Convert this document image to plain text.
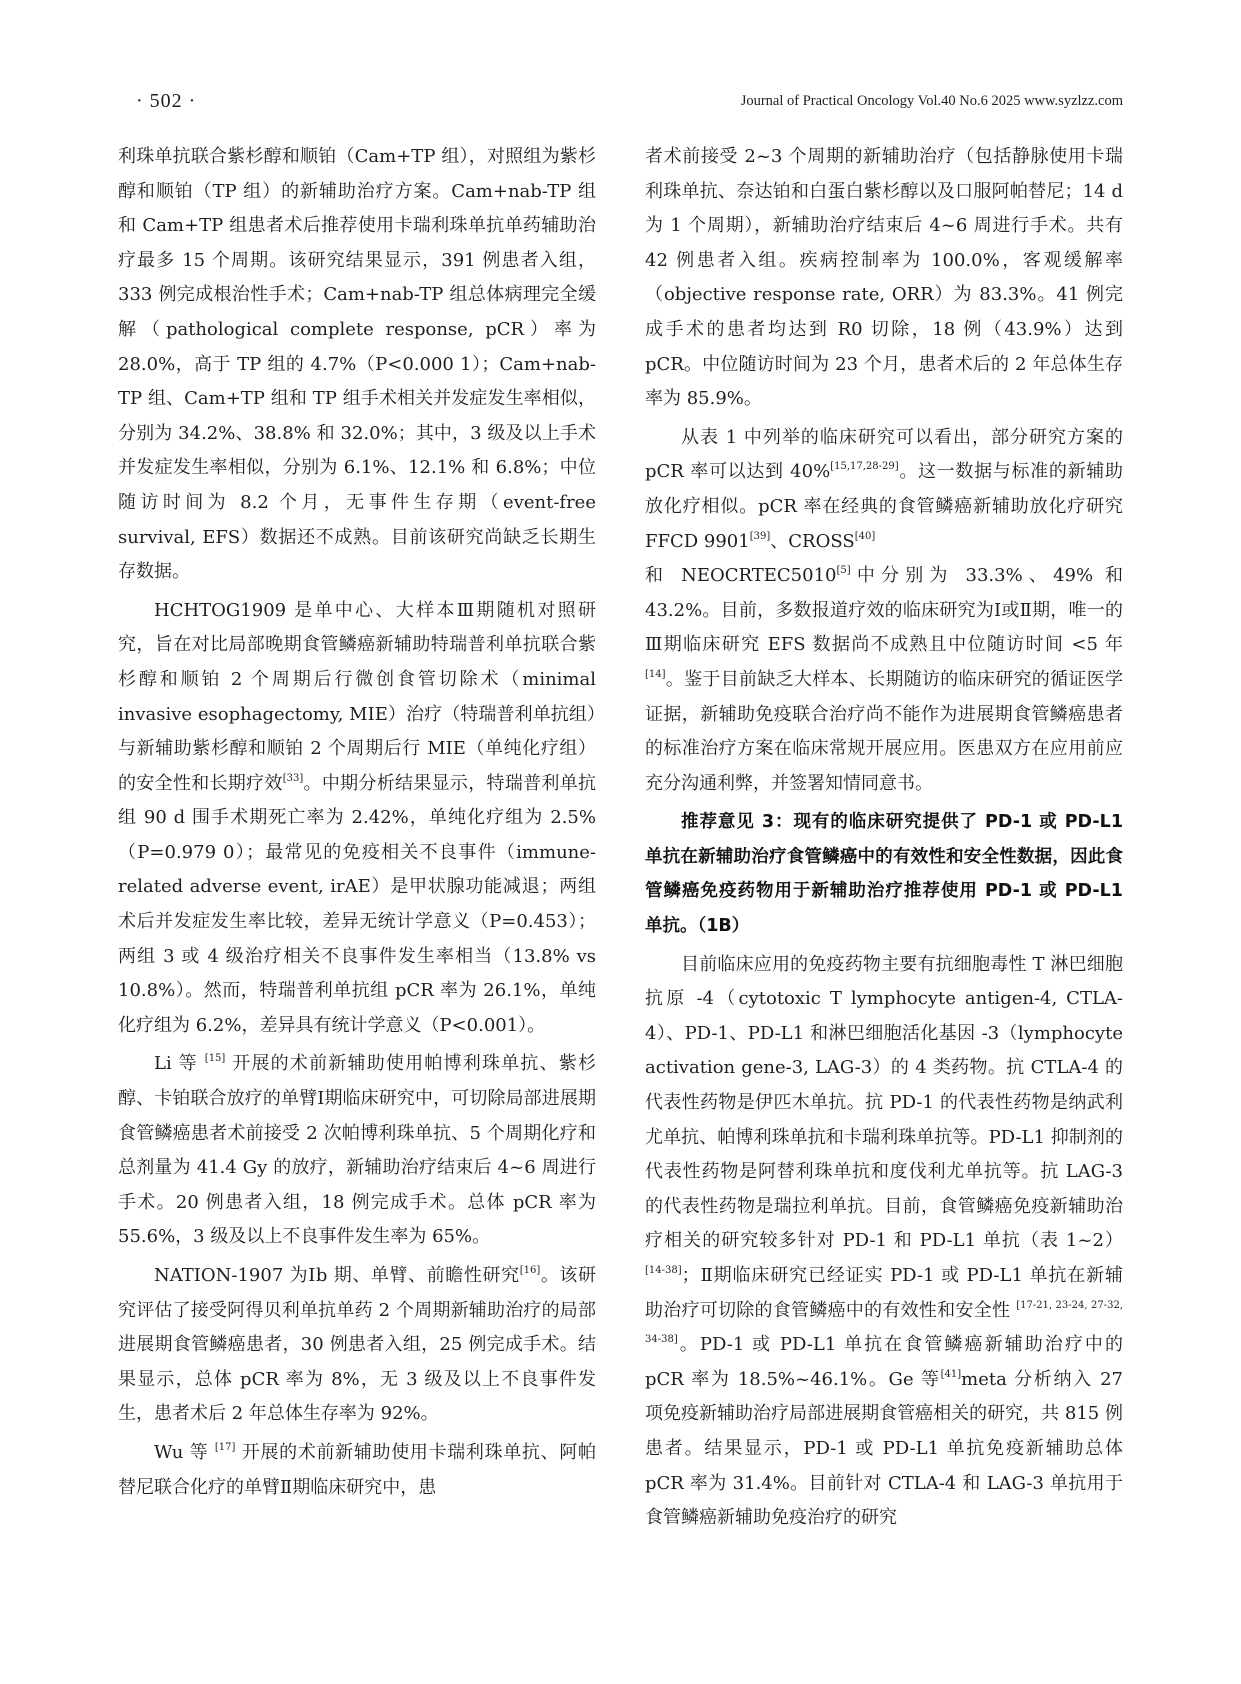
· 502 ·	Journal of Practical Oncology Vol.40 No.6 2025 www.syzlzz.com

利珠单抗联合紫杉醇和顺铂（Cam+TP 组），对照组为紫杉醇和顺铂（TP 组）的新辅助治疗方案。Cam+nab-TP 组和 Cam+TP 组患者术后推荐使用卡瑞利珠单抗单药辅助治疗最多 15 个周期。该研究结果显示，391 例患者入组，333 例完成根治性手术；Cam+nab-TP 组总体病理完全缓解（pathological complete response, pCR）率为 28.0%，高于 TP 组的 4.7%（P<0.000 1）；Cam+nab-TP 组、Cam+TP 组和 TP 组手术相关并发症发生率相似，分别为 34.2%、38.8% 和 32.0%；其中，3 级及以上手术并发症发生率相似，分别为 6.1%、12.1% 和 6.8%；中位随访时间为 8.2 个月，无事件生存期（event-free survival, EFS）数据还不成熟。目前该研究尚缺乏长期生存数据。

HCHTOG1909 是单中心、大样本Ⅲ期随机对照研究，旨在对比局部晚期食管鳞癌新辅助特瑞普利单抗联合紫杉醇和顺铂 2 个周期后行微创食管切除术（minimal invasive esophagectomy, MIE）治疗（特瑞普利单抗组）与新辅助紫杉醇和顺铂 2 个周期后行 MIE（单纯化疗组）的安全性和长期疗效[33]。中期分析结果显示，特瑞普利单抗组 90 d 围手术期死亡率为 2.42%，单纯化疗组为 2.5%（P=0.979 0）；最常见的免疫相关不良事件（immune-related adverse event, irAE）是甲状腺功能减退；两组术后并发症发生率比较，差异无统计学意义（P=0.453）；两组 3 或 4 级治疗相关不良事件发生率相当（13.8% vs 10.8%）。然而，特瑞普利单抗组 pCR 率为 26.1%，单纯化疗组为 6.2%，差异具有统计学意义（P<0.001）。

Li 等 [15] 开展的术前新辅助使用帕博利珠单抗、紫杉醇、卡铂联合放疗的单臂Ⅰ期临床研究中，可切除局部进展期食管鳞癌患者术前接受 2 次帕博利珠单抗、5 个周期化疗和总剂量为 41.4 Gy 的放疗，新辅助治疗结束后 4~6 周进行手术。20 例患者入组，18 例完成手术。总体 pCR 率为 55.6%，3 级及以上不良事件发生率为 65%。

NATION-1907 为Ⅰb 期、单臂、前瞻性研究[16]。该研究评估了接受阿得贝利单抗单药 2 个周期新辅助治疗的局部进展期食管鳞癌患者，30 例患者入组，25 例完成手术。结果显示，总体 pCR 率为 8%，无 3 级及以上不良事件发生，患者术后 2 年总体生存率为 92%。

Wu 等 [17] 开展的术前新辅助使用卡瑞利珠单抗、阿帕替尼联合化疗的单臂Ⅱ期临床研究中，患

者术前接受 2~3 个周期的新辅助治疗（包括静脉使用卡瑞利珠单抗、奈达铂和白蛋白紫杉醇以及口服阿帕替尼；14 d 为 1 个周期），新辅助治疗结束后 4~6 周进行手术。共有 42 例患者入组。疾病控制率为 100.0%，客观缓解率（objective response rate, ORR）为 83.3%。41 例完成手术的患者均达到 R0 切除，18 例（43.9%）达到 pCR。中位随访时间为 23 个月，患者术后的 2 年总体生存率为 85.9%。

从表 1 中列举的临床研究可以看出，部分研究方案的 pCR 率可以达到 40%[15,17,28-29]。这一数据与标准的新辅助放化疗相似。pCR 率在经典的食管鳞癌新辅助放化疗研究 FFCD 9901[39]、CROSS[40]
和 NEOCRTEC5010[5]中分别为 33.3%、49% 和 43.2%。目前，多数报道疗效的临床研究为Ⅰ或Ⅱ期，唯一的Ⅲ期临床研究 EFS 数据尚不成熟且中位随访时间 <5 年 [14]。鉴于目前缺乏大样本、长期随访的临床研究的循证医学证据，新辅助免疫联合治疗尚不能作为进展期食管鳞癌患者的标准治疗方案在临床常规开展应用。医患双方在应用前应充分沟通利弊，并签署知情同意书。

推荐意见 3：现有的临床研究提供了 PD-1 或 PD-L1 单抗在新辅助治疗食管鳞癌中的有效性和安全性数据，因此食管鳞癌免疫药物用于新辅助治疗推荐使用 PD-1 或 PD-L1 单抗。（1B）

目前临床应用的免疫药物主要有抗细胞毒性 T 淋巴细胞抗原 -4（cytotoxic T lymphocyte antigen-4, CTLA-4）、PD-1、PD-L1 和淋巴细胞活化基因 -3（lymphocyte activation gene-3, LAG-3）的 4 类药物。抗 CTLA-4 的代表性药物是伊匹木单抗。抗 PD-1 的代表性药物是纳武利尤单抗、帕博利珠单抗和卡瑞利珠单抗等。PD-L1 抑制剂的代表性药物是阿替利珠单抗和度伐利尤单抗等。抗 LAG-3 的代表性药物是瑞拉利单抗。目前，食管鳞癌免疫新辅助治疗相关的研究较多针对 PD-1 和 PD-L1 单抗（表 1~2） [14-38]；Ⅱ期临床研究已经证实 PD-1 或 PD-L1 单抗在新辅助治疗可切除的食管鳞癌中的有效性和安全性 [17-21, 23-24, 27-32, 34-38]。PD-1 或 PD-L1 单抗在食管鳞癌新辅助治疗中的 pCR 率为 18.5%~46.1%。Ge 等[41]meta 分析纳入 27 项免疫新辅助治疗局部进展期食管癌相关的研究，共 815 例患者。结果显示，PD-1 或 PD-L1 单抗免疫新辅助总体 pCR 率为 31.4%。目前针对 CTLA-4 和 LAG-3 单抗用于食管鳞癌新辅助免疫治疗的研究
